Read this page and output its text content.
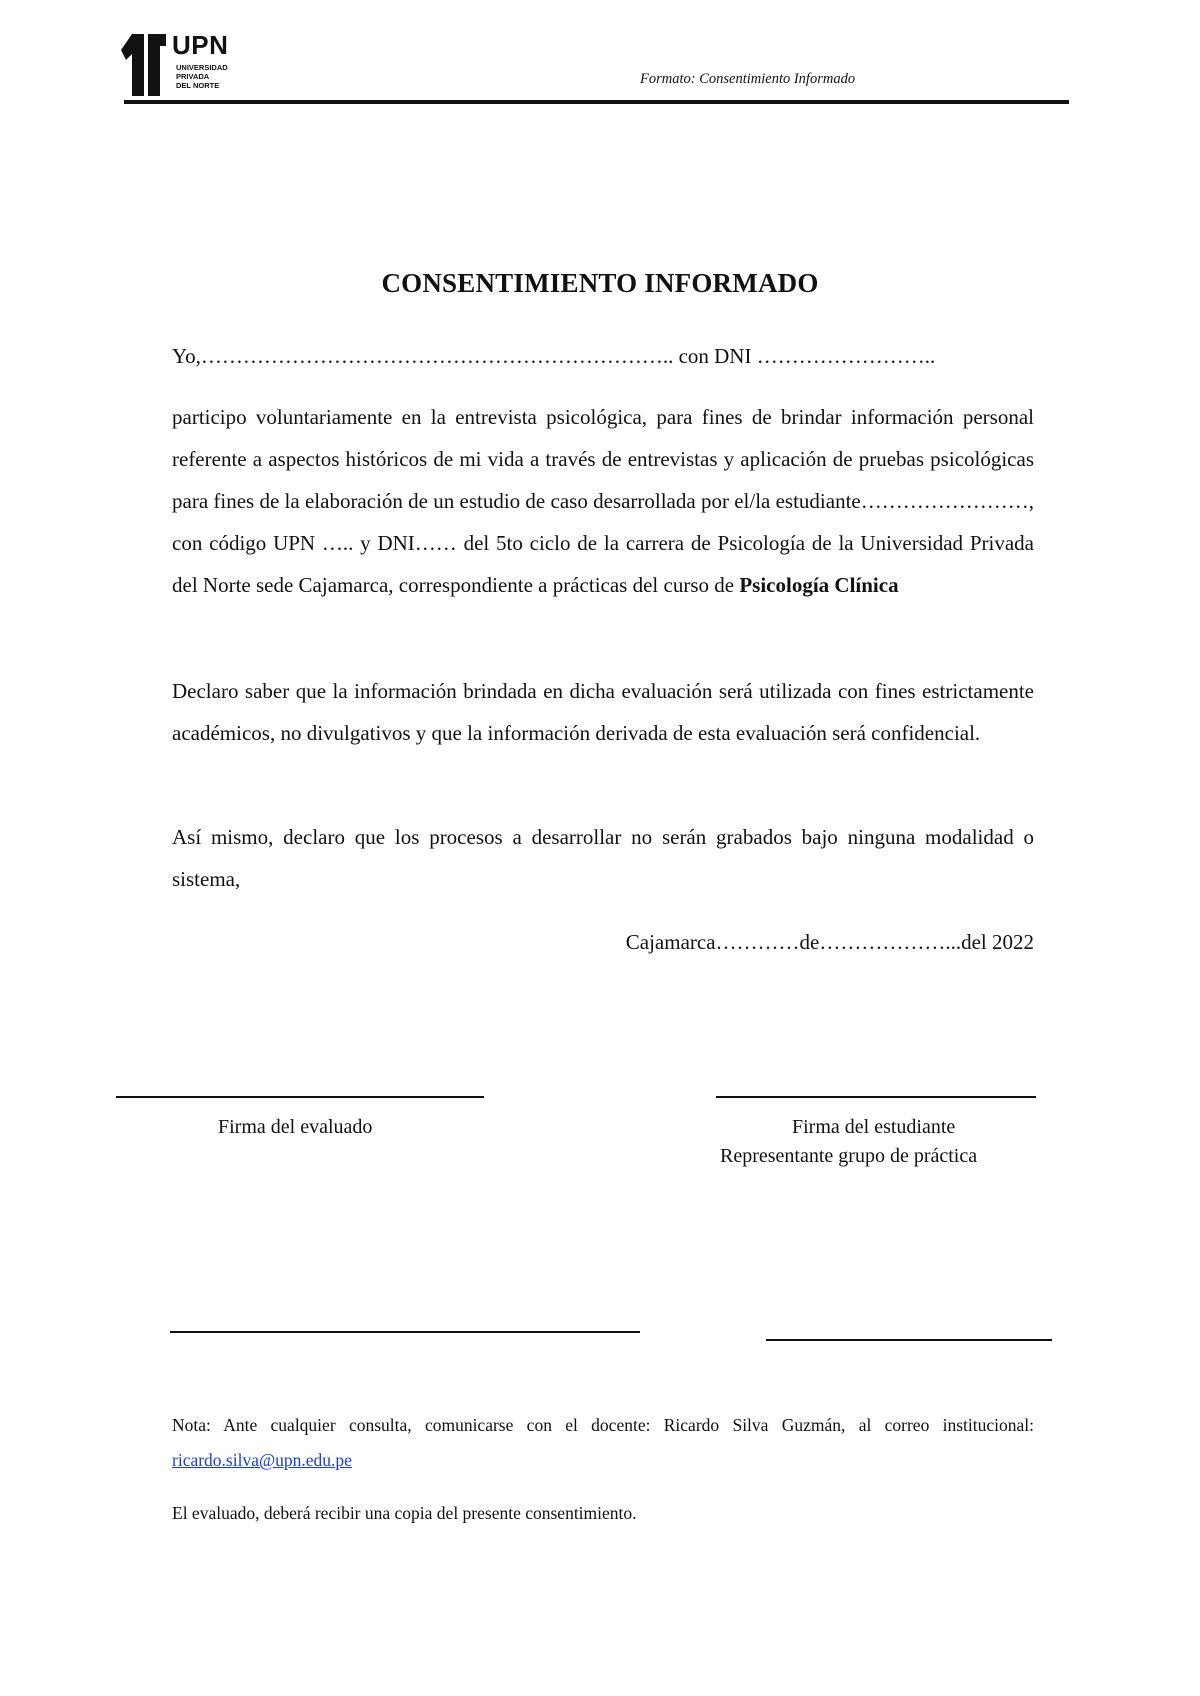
UPN
UNIVERSIDAD
PRIVADA
DEL NORTE	Formato: Consentimiento Informado
CONSENTIMIENTO INFORMADO
Yo,………………………………………………………….. con DNI ……………………..
participo voluntariamente en la entrevista psicológica, para fines de brindar información personal referente a aspectos históricos de mi vida a través de entrevistas y aplicación de pruebas psicológicas para fines de la elaboración de un estudio de caso desarrollada por el/la estudiante……………………, con código UPN ….. y DNI…… del 5to ciclo de la carrera de Psicología de la Universidad Privada del Norte sede Cajamarca, correspondiente a prácticas del curso de Psicología Clínica
Declaro saber que la información brindada en dicha evaluación será utilizada con fines estrictamente académicos, no divulgativos y que la información derivada de esta evaluación será confidencial.
Así mismo, declaro que los procesos a desarrollar no serán grabados bajo ninguna modalidad o sistema,
Cajamarca…………de………………...del 2022
Firma del evaluado	Firma del estudiante
Representante grupo de práctica
Nota: Ante cualquier consulta, comunicarse con el docente: Ricardo Silva Guzmán, al correo institucional: ricardo.silva@upn.edu.pe
El evaluado, deberá recibir una copia del presente consentimiento.
